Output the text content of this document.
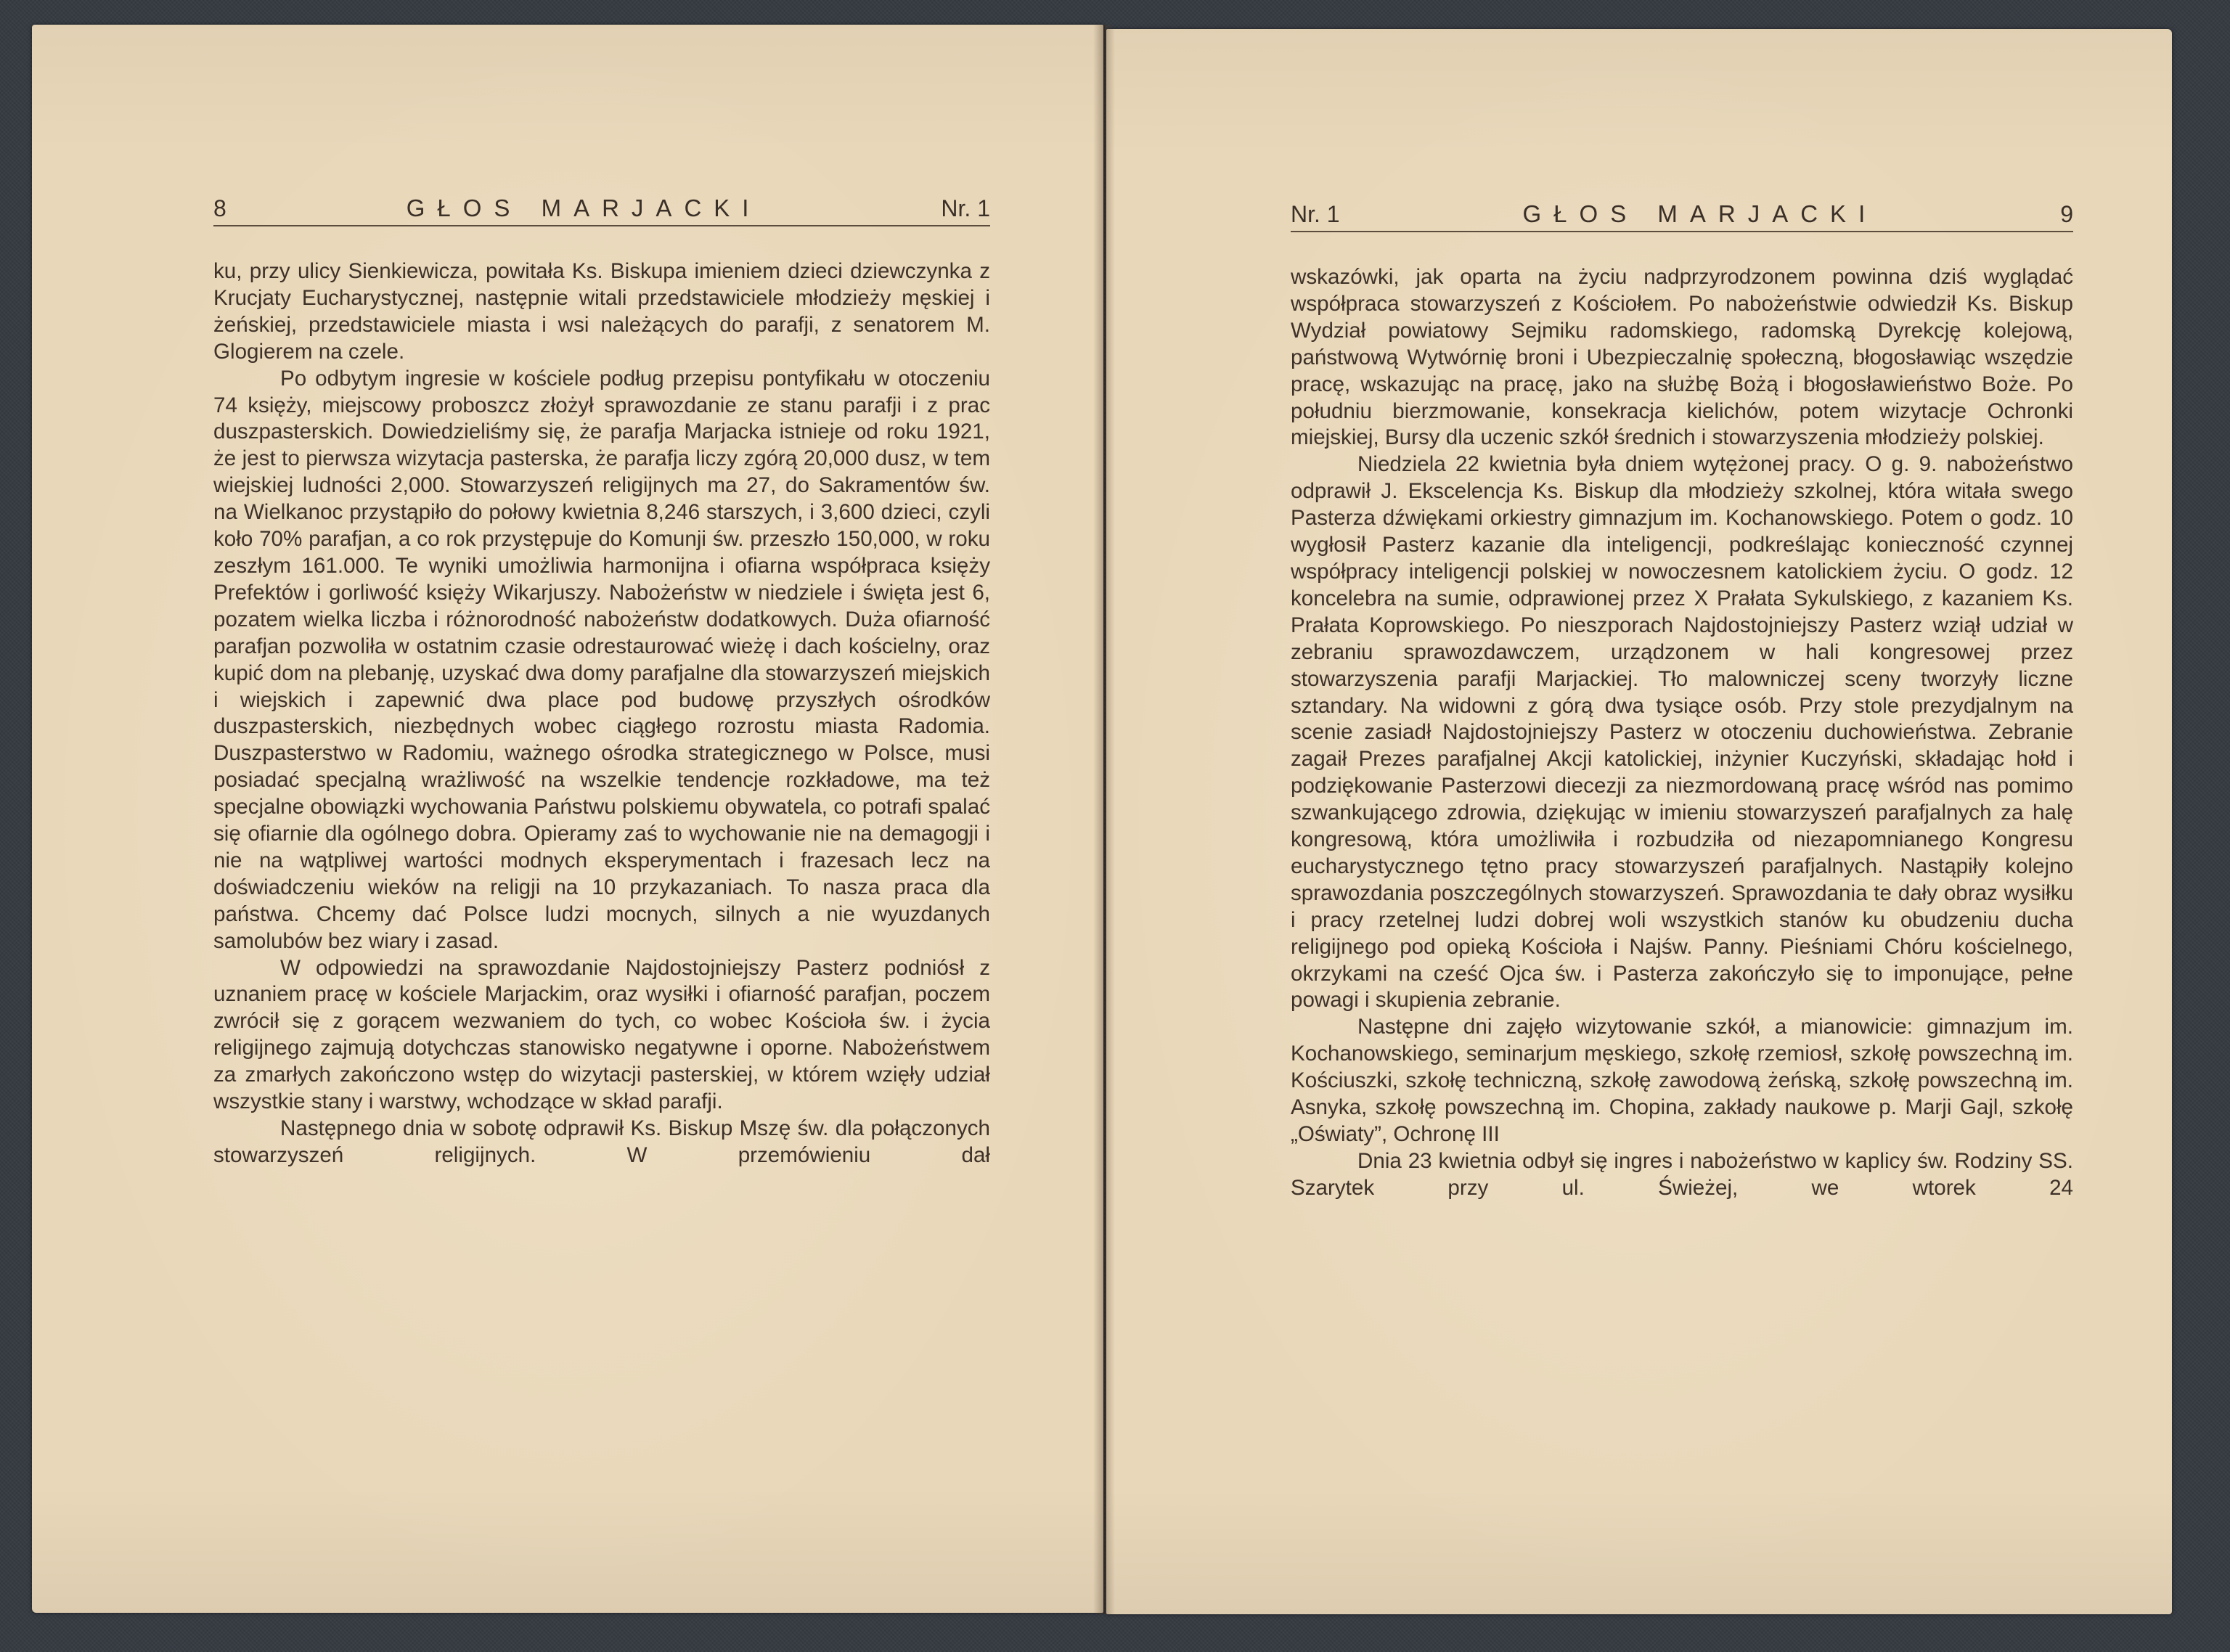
8	GŁOS MARJACKI	Nr. 1

ku, przy ulicy Sienkiewicza, powitała Ks. Biskupa imieniem dzieci dziewczynka z Krucjaty Eucharystycznej, następnie witali przedstawiciele młodzieży męskiej i żeńskiej, przedstawiciele miasta i wsi należących do parafji, z senatorem M. Glogierem na czele.

Po odbytym ingresie w kościele podług przepisu pontyfikału w otoczeniu 74 księży, miejscowy proboszcz złożył sprawozdanie ze stanu parafji i z prac duszpasterskich. Dowiedzieliśmy się, że parafja Marjacka istnieje od roku 1921, że jest to pierwsza wizytacja pasterska, że parafja liczy zgórą 20,000 dusz, w tem wiejskiej ludności 2,000. Stowarzyszeń religijnych ma 27, do Sakramentów św. na Wielkanoc przystąpiło do połowy kwietnia 8,246 starszych, i 3,600 dzieci, czyli koło 70% parafjan, a co rok przystępuje do Komunji św. przeszło 150,000, w roku zeszłym 161.000. Te wyniki umożliwia harmonijna i ofiarna współpraca księży Prefektów i gorliwość księży Wikarjuszy. Nabożeństw w niedziele i święta jest 6, pozatem wielka liczba i różnorodność nabożeństw dodatkowych. Duża ofiarność parafjan pozwoliła w ostatnim czasie odrestaurować wieżę i dach kościelny, oraz kupić dom na plebanję, uzyskać dwa domy parafjalne dla stowarzyszeń miejskich i wiejskich i zapewnić dwa place pod budowę przyszłych ośrodków duszpasterskich, niezbędnych wobec ciągłego rozrostu miasta Radomia. Duszpasterstwo w Radomiu, ważnego ośrodka strategicznego w Polsce, musi posiadać specjalną wrażliwość na wszelkie tendencje rozkładowe, ma też specjalne obowiązki wychowania Państwu polskiemu obywatela, co potrafi spalać się ofiarnie dla ogólnego dobra. Opieramy zaś to wychowanie nie na demagogji i nie na wątpliwej wartości modnych eksperymentach i frazesach lecz na doświadczeniu wieków na religji na 10 przykazaniach. To nasza praca dla państwa. Chcemy dać Polsce ludzi mocnych, silnych a nie wyuzdanych samolubów bez wiary i zasad.

W odpowiedzi na sprawozdanie Najdostojniejszy Pasterz podniósł z uznaniem pracę w kościele Marjackim, oraz wysiłki i ofiarność parafjan, poczem zwrócił się z gorącem wezwaniem do tych, co wobec Kościoła św. i życia religijnego zajmują dotychczas stanowisko negatywne i oporne. Nabożeństwem za zmarłych zakończono wstęp do wizytacji pasterskiej, w którem wzięły udział wszystkie stany i warstwy, wchodzące w skład parafji.

Następnego dnia w sobotę odprawił Ks. Biskup Mszę św. dla połączonych stowarzyszeń religijnych. W przemówieniu dał

Nr. 1	GŁOS MARJACKI	9

wskazówki, jak oparta na życiu nadprzyrodzonem powinna dziś wyglądać współpraca stowarzyszeń z Kościołem. Po nabożeństwie odwiedził Ks. Biskup Wydział powiatowy Sejmiku radomskiego, radomską Dyrekcję kolejową, państwową Wytwórnię broni i Ubezpieczalnię społeczną, błogosławiąc wszędzie pracę, wskazując na pracę, jako na służbę Bożą i błogosławieństwo Boże. Po południu bierzmowanie, konsekracja kielichów, potem wizytacje Ochronki miejskiej, Bursy dla uczenic szkół średnich i stowarzyszenia młodzieży polskiej.

Niedziela 22 kwietnia była dniem wytężonej pracy. O g. 9. nabożeństwo odprawił J. Ekscelencja Ks. Biskup dla młodzieży szkolnej, która witała swego Pasterza dźwiękami orkiestry gimnazjum im. Kochanowskiego. Potem o godz. 10 wygłosił Pasterz kazanie dla inteligencji, podkreślając konieczność czynnej współpracy inteligencji polskiej w nowoczesnem katolickiem życiu. O godz. 12 koncelebra na sumie, odprawionej przez X Prałata Sykulskiego, z kazaniem Ks. Prałata Koprowskiego. Po nieszporach Najdostojniejszy Pasterz wziął udział w zebraniu sprawozdawczem, urządzonem w hali kongresowej przez stowarzyszenia parafji Marjackiej. Tło malowniczej sceny tworzyły liczne sztandary. Na widowni z górą dwa tysiące osób. Przy stole prezydjalnym na scenie zasiadł Najdostojniejszy Pasterz w otoczeniu duchowieństwa. Zebranie zagaił Prezes parafjalnej Akcji katolickiej, inżynier Kuczyński, składając hołd i podziękowanie Pasterzowi diecezji za niezmordowaną pracę wśród nas pomimo szwankującego zdrowia, dziękując w imieniu stowarzyszeń parafjalnych za halę kongresową, która umożliwiła i rozbudziła od niezapomnianego Kongresu eucharystycznego tętno pracy stowarzyszeń parafjalnych. Nastąpiły kolejno sprawozdania poszczególnych stowarzyszeń. Sprawozdania te dały obraz wysiłku i pracy rzetelnej ludzi dobrej woli wszystkich stanów ku obudzeniu ducha religijnego pod opieką Kościoła i Najśw. Panny. Pieśniami Chóru kościelnego, okrzykami na cześć Ojca św. i Pasterza zakończyło się to imponujące, pełne powagi i skupienia zebranie.

Następne dni zajęło wizytowanie szkół, a mianowicie: gimnazjum im. Kochanowskiego, seminarjum męskiego, szkołę rzemiosł, szkołę powszechną im. Kościuszki, szkołę techniczną, szkołę zawodową żeńską, szkołę powszechną im. Asnyka, szkołę powszechną im. Chopina, zakłady naukowe p. Marji Gajl, szkołę „Oświaty”, Ochronę III

Dnia 23 kwietnia odbył się ingres i nabożeństwo w kaplicy św. Rodziny SS. Szarytek przy ul. Świeżej, we wtorek 24
